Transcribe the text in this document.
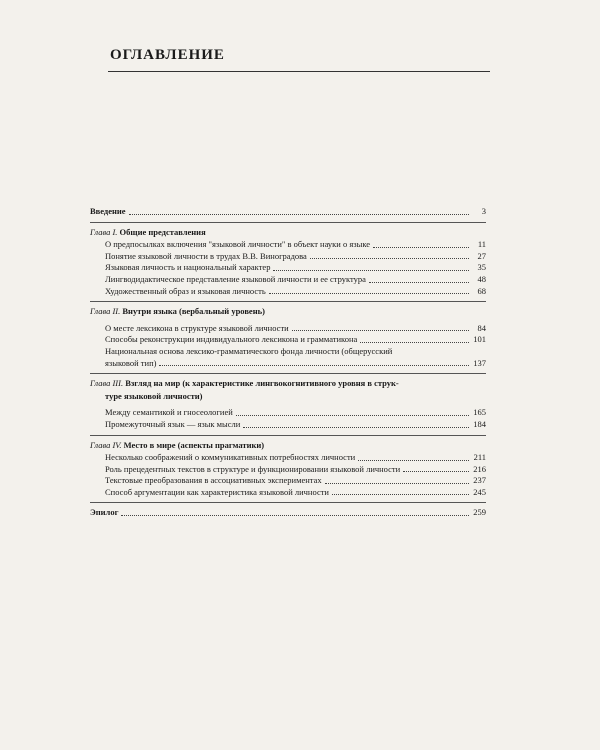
ОГЛАВЛЕНИЕ
Введение	3
Глава I. Общие представления
О предпосылках включения "языковой личности" в объект науки о языке	11
Понятие языковой личности в трудах В.В. Виноградова	27
Языковая личность и национальный характер	35
Лингводидактическое представление языковой личности и ее структура	48
Художественный образ и языковая личность	68
Глава II. Внутри языка (вербальный уровень)
О месте лексикона в структуре языковой личности	84
Способы реконструкции индивидуального лексикона и грамматикона	101
Национальная основа лексико-грамматического фонда личности (общерусский
языковой тип)	137
Глава III. Взгляд на мир (к характеристике лингвокогнитивного уровня в струк-
туре языковой личности)
Между семантикой и гносеологией	165
Промежуточный язык — язык мысли	184
Глава IV. Место в мире (аспекты прагматики)
Несколько соображений о коммуникативных потребностях личности	211
Роль прецедентных текстов в структуре и функционировании языковой личности	216
Текстовые преобразования в ассоциативных экспериментах	237
Способ аргументации как характеристика языковой личности	245
Эпилог	259
